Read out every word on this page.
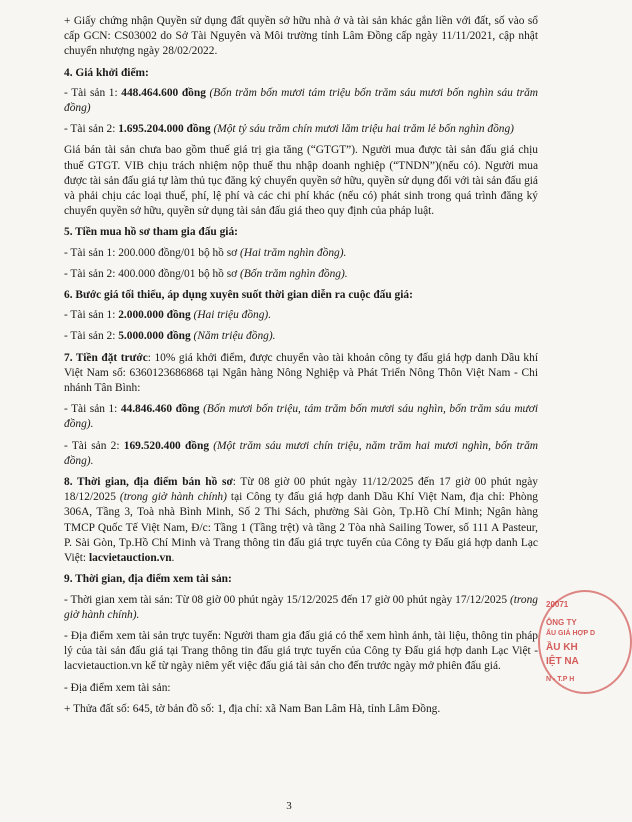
+ Giấy chứng nhận Quyền sử dụng đất quyền sở hữu nhà ở và tài sản khác gắn liền với đất, số vào sổ cấp GCN: CS03002 do Sở Tài Nguyên và Môi trường tỉnh Lâm Đồng cấp ngày 11/11/2021, cập nhật chuyển nhượng ngày 28/02/2022.

4. Giá khởi điểm:

- Tài sản 1: 448.464.600 đồng (Bốn trăm bốn mươi tám triệu bốn trăm sáu mươi bốn nghìn sáu trăm đồng)

- Tài sản 2: 1.695.204.000 đồng (Một tỷ sáu trăm chín mươi lăm triệu hai trăm lẻ bốn nghìn đồng)

Giá bán tài sản chưa bao gồm thuế giá trị gia tăng (“GTGT”). Người mua được tài sản đấu giá chịu thuế GTGT. VIB chịu trách nhiệm nộp thuế thu nhập doanh nghiệp (“TNDN”)(nếu có). Người mua được tài sản đấu giá tự làm thủ tục đăng ký chuyển quyền sở hữu, quyền sử dụng đối với tài sản đấu giá và phải chịu các loại thuế, phí, lệ phí và các chi phí khác (nếu có) phát sinh trong quá trình đăng ký chuyển quyền sở hữu, quyền sử dụng tài sản đấu giá theo quy định của pháp luật.

5. Tiền mua hồ sơ tham gia đấu giá:

- Tài sản 1: 200.000 đồng/01 bộ hồ sơ (Hai trăm nghìn đồng).

- Tài sản 2: 400.000 đồng/01 bộ hồ sơ (Bốn trăm nghìn đồng).

6. Bước giá tối thiểu, áp dụng xuyên suốt thời gian diễn ra cuộc đấu giá:

- Tài sản 1: 2.000.000 đồng (Hai triệu đồng).

- Tài sản 2: 5.000.000 đồng (Năm triệu đồng).

7. Tiền đặt trước: 10% giá khởi điểm, được chuyển vào tài khoản công ty đấu giá hợp danh Dầu khí Việt Nam số: 6360123686868 tại Ngân hàng Nông Nghiệp và Phát Triển Nông Thôn Việt Nam - Chi nhánh Tân Bình:

- Tài sản 1: 44.846.460 đồng (Bốn mươi bốn triệu, tám trăm bốn mươi sáu nghìn, bốn trăm sáu mươi đồng).

- Tài sản 2: 169.520.400 đồng (Một trăm sáu mươi chín triệu, năm trăm hai mươi nghìn, bốn trăm đồng).

8. Thời gian, địa điểm bán hồ sơ: Từ 08 giờ 00 phút ngày 11/12/2025 đến 17 giờ 00 phút ngày 18/12/2025 (trong giờ hành chính) tại Công ty đấu giá hợp danh Dầu Khí Việt Nam, địa chỉ: Phòng 306A, Tầng 3, Toà nhà Bình Minh, Số 2 Thi Sách, phường Sài Gòn, Tp.Hồ Chí Minh; Ngân hàng TMCP Quốc Tế Việt Nam, Đ/c: Tầng 1 (Tầng trệt) và tầng 2 Tòa nhà Sailing Tower, số 111 A Pasteur, P. Sài Gòn, Tp.Hồ Chí Minh và Trang thông tin đấu giá trực tuyến của Công ty Đấu giá hợp danh Lạc Việt: lacvietauction.vn.

9. Thời gian, địa điểm xem tài sản:

- Thời gian xem tài sản: Từ 08 giờ 00 phút ngày 15/12/2025 đến 17 giờ 00 phút ngày 17/12/2025 (trong giờ hành chính).

- Địa điểm xem tài sản trực tuyến: Người tham gia đấu giá có thể xem hình ảnh, tài liệu, thông tin pháp lý của tài sản đấu giá tại Trang thông tin đấu giá trực tuyến của Công ty Đấu giá hợp danh Lạc Việt - lacvietauction.vn kể từ ngày niêm yết việc đấu giá tài sản cho đến trước ngày mở phiên đấu giá.

- Địa điểm xem tài sản:

+ Thửa đất số: 645, tờ bản đồ số: 1, địa chỉ: xã Nam Ban Lâm Hà, tỉnh Lâm Đồng.

3
20071
ÔNG TY
ẤU GIÁ HỢP D
ẦU KH
IỆT NA
N - T.P H
